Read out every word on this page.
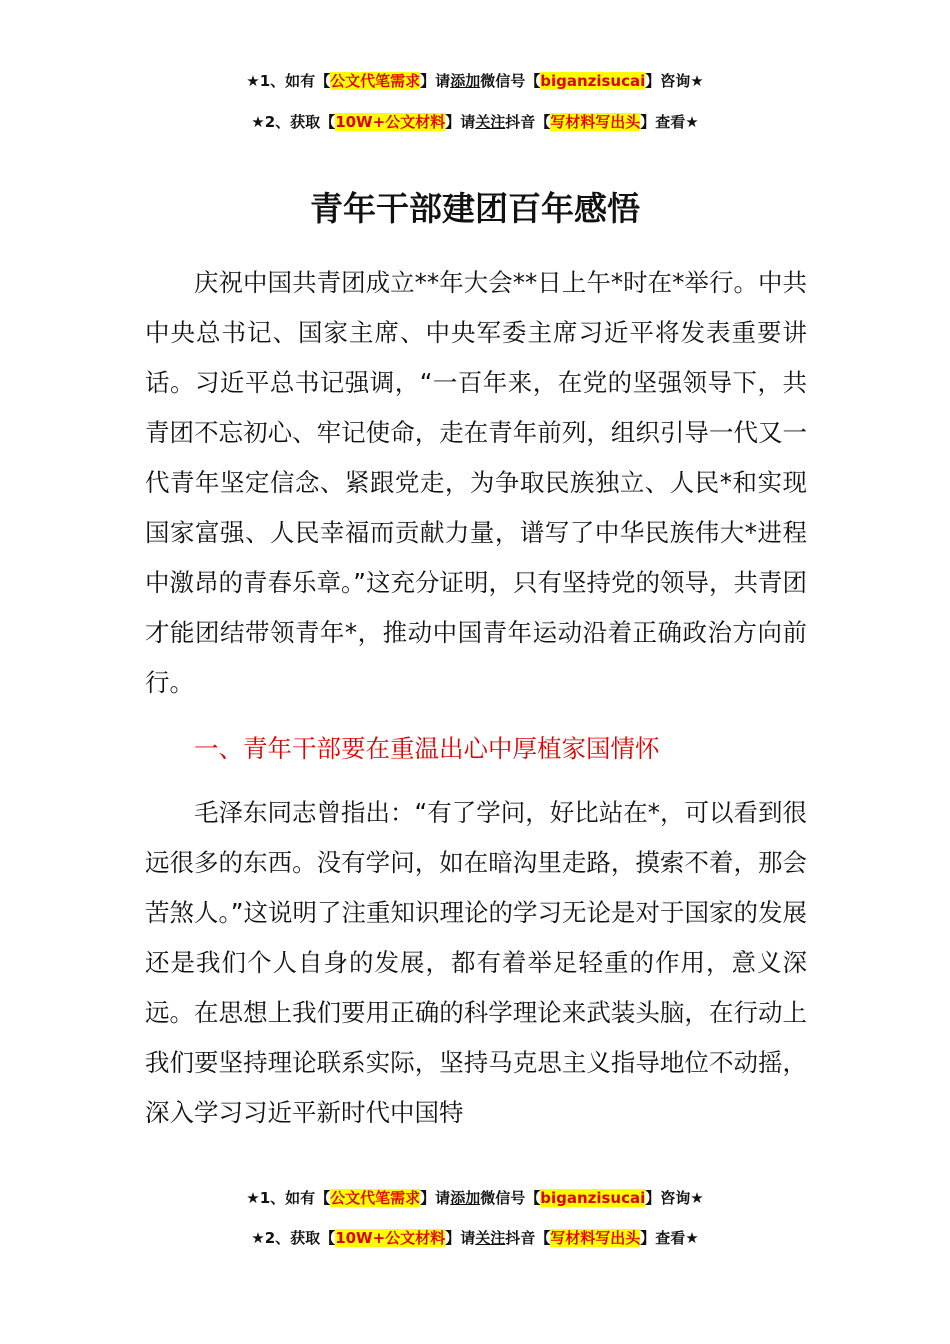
★1、如有【公文代笔需求】请添加微信号【biganzisucai】咨询★
★2、获取【10W+公文材料】请关注抖音【写材料写出头】查看★
青年干部建团百年感悟

庆祝中国共青团成立**年大会**日上午*时在*举行。中共中央总书记、国家主席、中央军委主席习近平将发表重要讲话。习近平总书记强调，“一百年来，在党的坚强领导下，共青团不忘初心、牢记使命，走在青年前列，组织引导一代又一代青年坚定信念、紧跟党走，为争取民族独立、人民*和实现国家富强、人民幸福而贡献力量，谱写了中华民族伟大*进程中激昂的青春乐章。”这充分证明，只有坚持党的领导，共青团才能团结带领青年*，推动中国青年运动沿着正确政治方向前行。

一、青年干部要在重温出心中厚植家国情怀

毛泽东同志曾指出：“有了学问，好比站在*，可以看到很远很多的东西。没有学问，如在暗沟里走路，摸索不着，那会苦煞人。”这说明了注重知识理论的学习无论是对于国家的发展还是我们个人自身的发展，都有着举足轻重的作用，意义深远。在思想上我们要用正确的科学理论来武装头脑，在行动上我们要坚持理论联系实际，坚持马克思主义指导地位不动摇，深入学习习近平新时代中国特

★1、如有【公文代笔需求】请添加微信号【biganzisucai】咨询★
★2、获取【10W+公文材料】请关注抖音【写材料写出头】查看★
